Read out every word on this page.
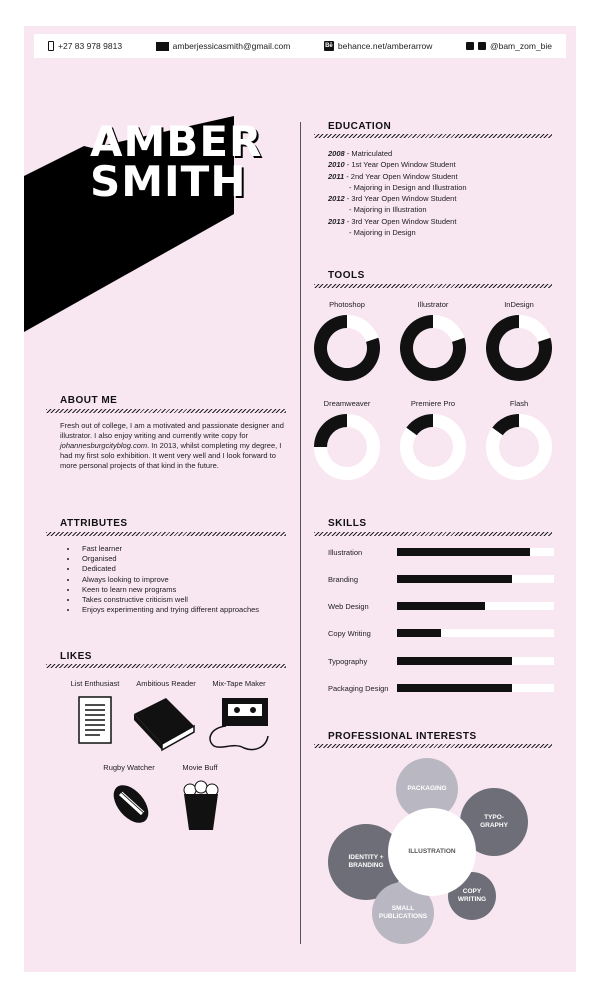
+27 83 978 9813	amberjessicasmith@gmail.com	Bē behance.net/amberarrow	@bam_zom_bie
AMBER
SMITH
ABOUT ME
Fresh out of college, I am a motivated and passionate designer and illustrator. I also enjoy writing and currently write copy for johannesburgcityblog.com. In 2013, whilst completing my degree, I had my first solo exhibition. It went very well and I look forward to more personal projects of that kind in the future.
ATTRIBUTES
• Fast learner
• Organised
• Dedicated
• Always looking to improve
• Keen to learn new programs
• Takes constructive criticism well
• Enjoys experimenting and trying different approaches
LIKES
List Enthusiast	Ambitious Reader	Mix-Tape Maker
Rugby Watcher	Movie Buff
EDUCATION
2008 - Matriculated
2010 - 1st Year Open Window Student
2011 - 2nd Year Open Window Student
- Majoring in Design and Illustration
2012 - 3rd Year Open Window Student
- Majoring in Illustration
2013 - 3rd Year Open Window Student
- Majoring in Design
TOOLS
Photoshop	Illustrator	InDesign
Dreamweaver	Premiere Pro	Flash
SKILLS
Illustration
Branding
Web Design
Copy Writing
Typography
Packaging Design
PROFESSIONAL INTERESTS
PACKAGING
TYPO-
GRAPHY
IDENTITY +
BRANDING
COPY
WRITING
SMALL
PUBLICATIONS
ILLUSTRATION
